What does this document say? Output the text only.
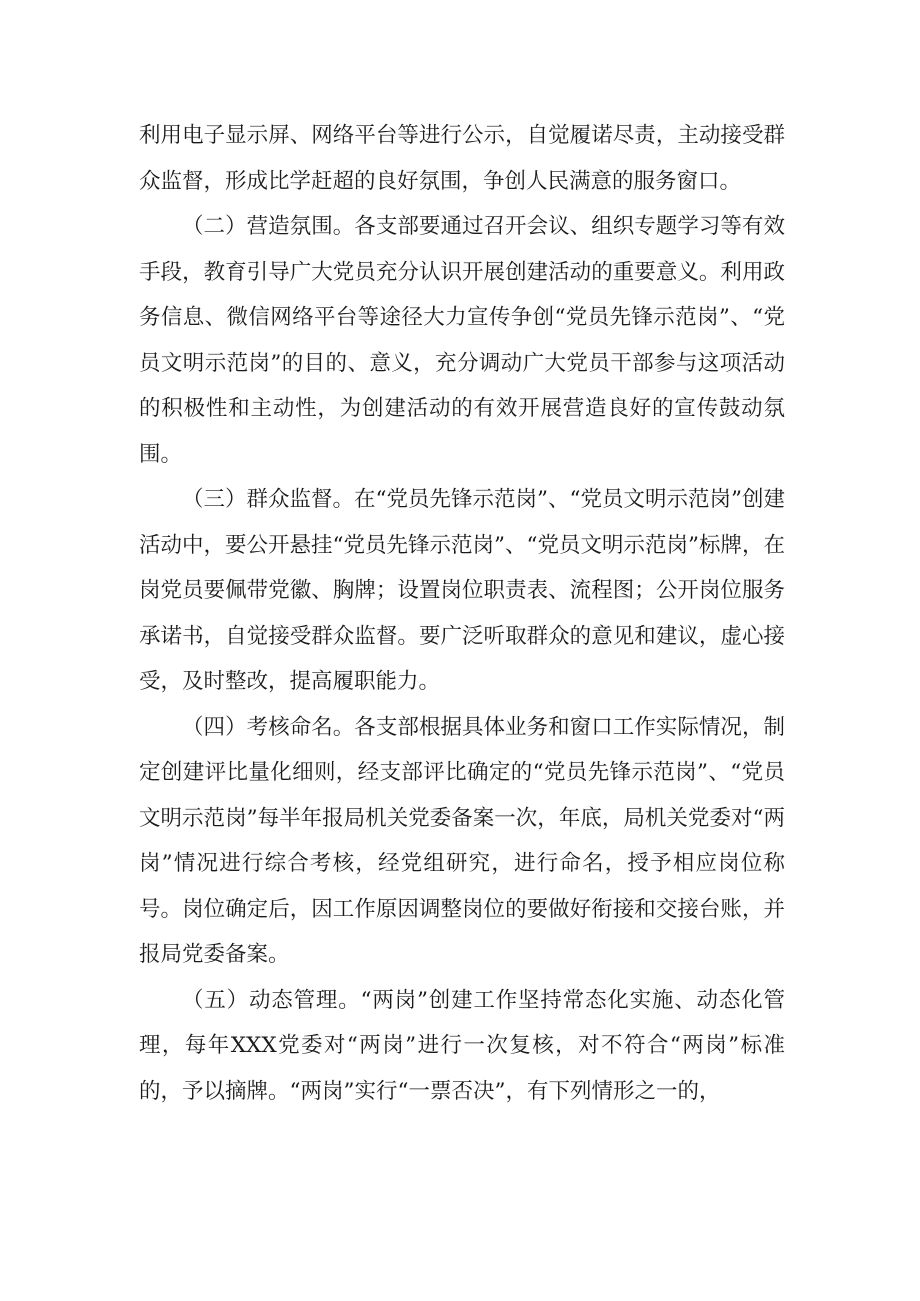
利用电子显示屏、网络平台等进行公示，自觉履诺尽责，主动接受群众监督，形成比学赶超的良好氛围，争创人民满意的服务窗口。

（二）营造氛围。各支部要通过召开会议、组织专题学习等有效手段，教育引导广大党员充分认识开展创建活动的重要意义。利用政务信息、微信网络平台等途径大力宣传争创“党员先锋示范岗”、“党员文明示范岗”的目的、意义，充分调动广大党员干部参与这项活动的积极性和主动性，为创建活动的有效开展营造良好的宣传鼓动氛围。

（三）群众监督。在“党员先锋示范岗”、“党员文明示范岗”创建活动中，要公开悬挂“党员先锋示范岗”、“党员文明示范岗”标牌，在岗党员要佩带党徽、胸牌；设置岗位职责表、流程图；公开岗位服务承诺书，自觉接受群众监督。要广泛听取群众的意见和建议，虚心接受，及时整改，提高履职能力。

（四）考核命名。各支部根据具体业务和窗口工作实际情况，制定创建评比量化细则，经支部评比确定的“党员先锋示范岗”、“党员文明示范岗”每半年报局机关党委备案一次，年底，局机关党委对“两岗”情况进行综合考核，经党组研究，进行命名，授予相应岗位称号。岗位确定后，因工作原因调整岗位的要做好衔接和交接台账，并报局党委备案。

（五）动态管理。“两岗”创建工作坚持常态化实施、动态化管理，每年XXX党委对“两岗”进行一次复核，对不符合“两岗”标准的，予以摘牌。“两岗”实行“一票否决”，有下列情形之一的，
